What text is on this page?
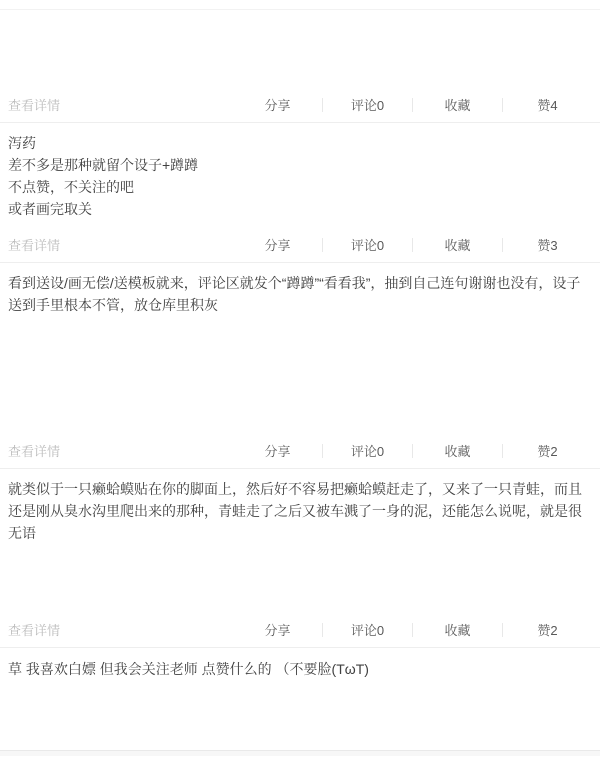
查看详情	分享	评论0	收藏	赞4
泻药
差不多是那种就留个设子+蹲蹲
不点赞，不关注的吧
或者画完取关
查看详情	分享	评论0	收藏	赞3
看到送设/画无偿/送模板就来，评论区就发个“蹲蹲”“看看我”，抽到自己连句谢谢也没有，设子送到手里根本不管，放仓库里积灰
查看详情	分享	评论0	收藏	赞2
就类似于一只癞蛤蟆贴在你的脚面上，然后好不容易把癞蛤蟆赶走了，又来了一只青蛙，而且还是刚从臭水沟里爬出来的那种，青蛙走了之后又被车溅了一身的泥，还能怎么说呢，就是很无语
查看详情	分享	评论0	收藏	赞2
草 我喜欢白嫖 但我会关注老师 点赞什么的 （不要脸(TωT)
